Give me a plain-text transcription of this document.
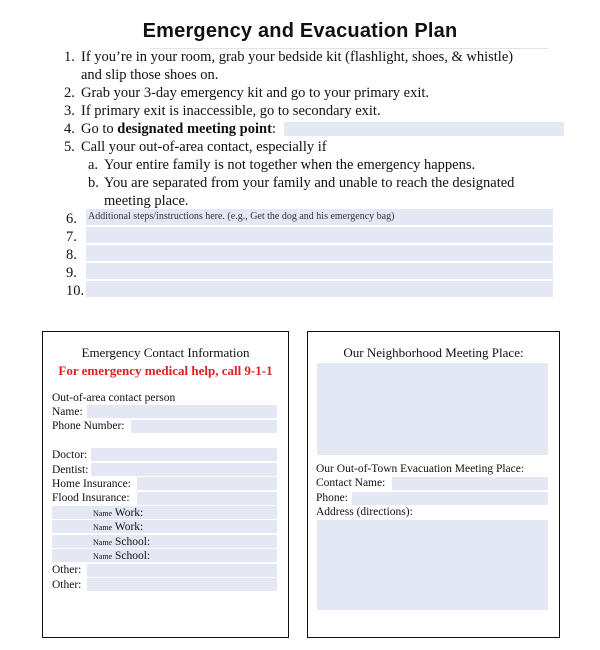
Emergency and Evacuation Plan
1. If you’re in your room, grab your bedside kit (flashlight, shoes, & whistle)
and slip those shoes on.
2. Grab your 3-day emergency kit and go to your primary exit.
3. If primary exit is inaccessible, go to secondary exit.
4. Go to designated meeting point:
5. Call your out-of-area contact, especially if
a. Your entire family is not together when the emergency happens.
b. You are separated from your family and unable to reach the designated
meeting place.
6. Additional steps/instructions here. (e.g., Get the dog and his emergency bag)
7.
8.
9.
10.
Emergency Contact Information
For emergency medical help, call 9-1-1
Out-of-area contact person
Name:
Phone Number:
Doctor:
Dentist:
Home Insurance:
Flood Insurance:
Name Work:
Name Work:
Name School:
Name School:
Other:
Other:
Our Neighborhood Meeting Place:
Our Out-of-Town Evacuation Meeting Place:
Contact Name:
Phone:
Address (directions):
